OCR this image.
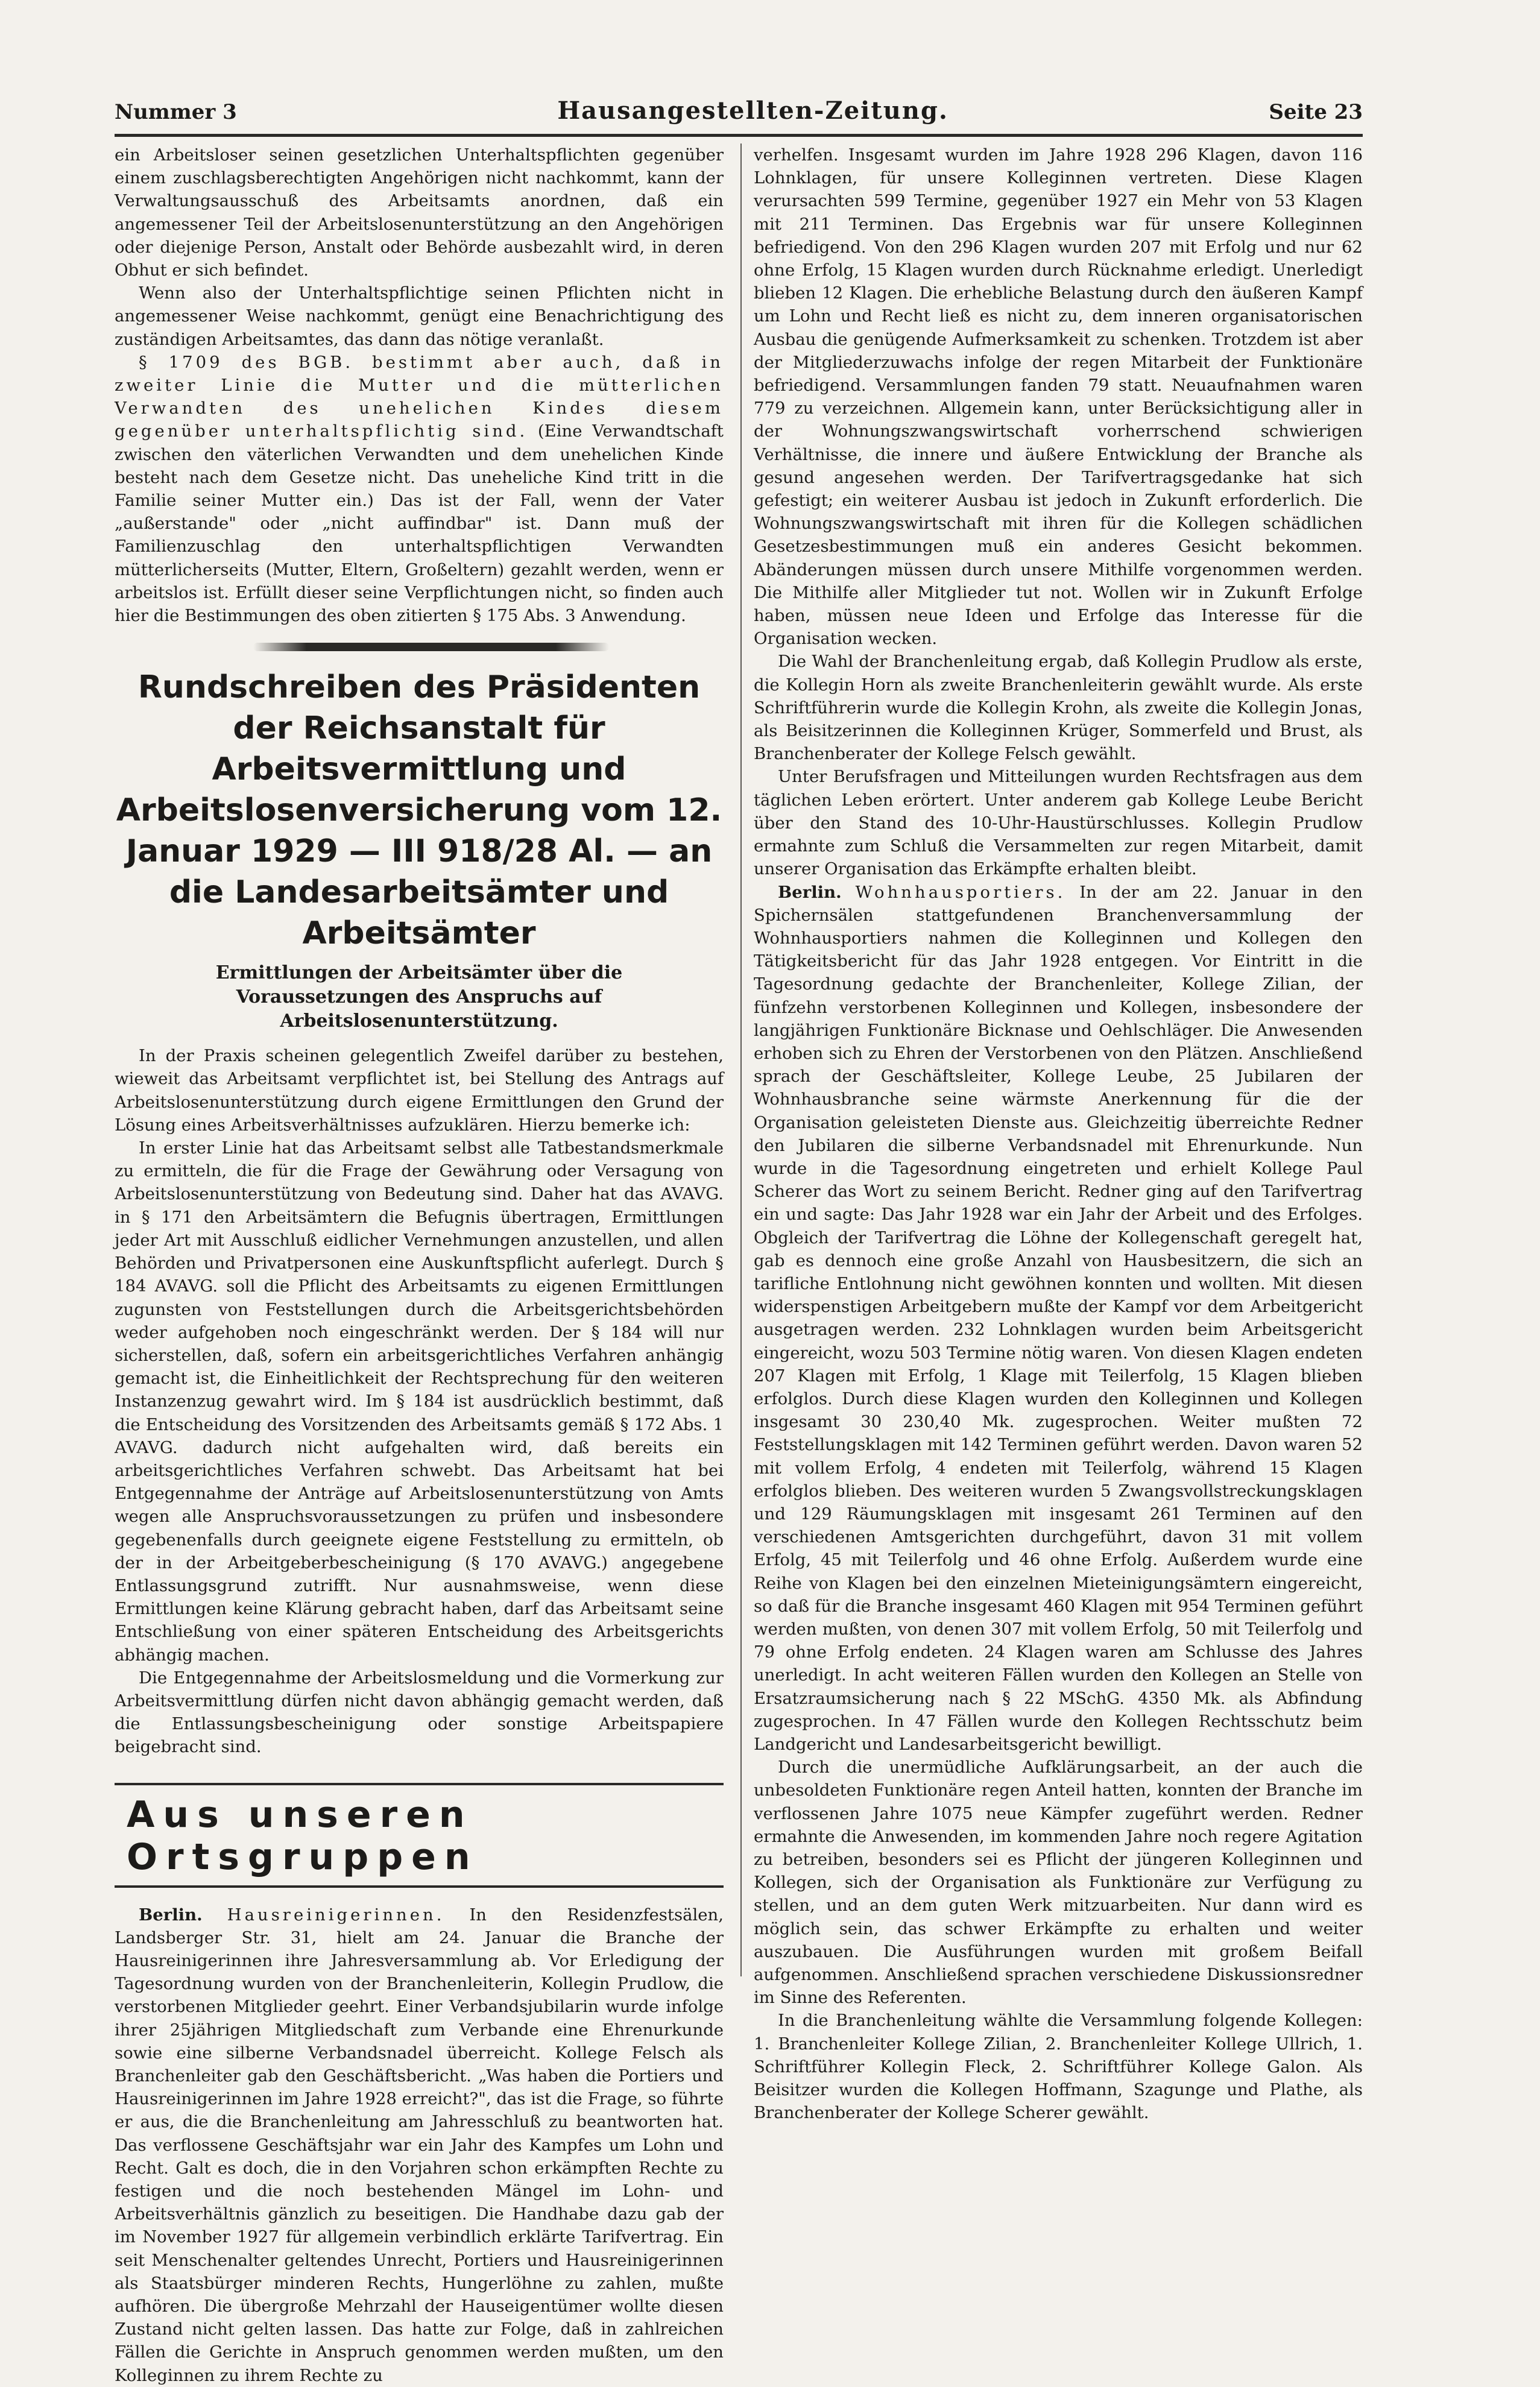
Nummer 3	Hausangestellten-Zeitung.	Seite 23

ein Arbeitsloser seinen gesetzlichen Unterhaltspflichten gegenüber einem zuschlagsberechtigten Angehörigen nicht nachkommt, kann der Verwaltungsausschuß des Arbeitsamts anordnen, daß ein angemessener Teil der Arbeitslosenunterstützung an den Angehörigen oder diejenige Person, Anstalt oder Behörde ausbezahlt wird, in deren Obhut er sich befindet.

Wenn also der Unterhaltspflichtige seinen Pflichten nicht in angemessener Weise nachkommt, genügt eine Benachrichtigung des zuständigen Arbeitsamtes, das dann das nötige veranlaßt.

§ 1709 des BGB. bestimmt aber auch, daß in zweiter Linie die Mutter und die mütterlichen Verwandten des unehelichen Kindes diesem gegenüber unterhaltspflichtig sind. (Eine Verwandtschaft zwischen den väterlichen Verwandten und dem unehelichen Kinde besteht nach dem Gesetze nicht. Das uneheliche Kind tritt in die Familie seiner Mutter ein.) Das ist der Fall, wenn der Vater „außerstande" oder „nicht auffindbar" ist. Dann muß der Familienzuschlag den unterhaltspflichtigen Verwandten mütterlicherseits (Mutter, Eltern, Großeltern) gezahlt werden, wenn er arbeitslos ist. Erfüllt dieser seine Verpflichtungen nicht, so finden auch hier die Bestimmungen des oben zitierten § 175 Abs. 3 Anwendung.

Rundschreiben des Präsidenten der Reichsanstalt für Arbeitsvermittlung und Arbeitslosenversicherung vom 12. Januar 1929 — III 918/28 Al. — an die Landesarbeitsämter und Arbeitsämter
Ermittlungen der Arbeitsämter über die Voraussetzungen des Anspruchs auf Arbeitslosenunterstützung.

In der Praxis scheinen gelegentlich Zweifel darüber zu bestehen, wieweit das Arbeitsamt verpflichtet ist, bei Stellung des Antrags auf Arbeitslosenunterstützung durch eigene Ermittlungen den Grund der Lösung eines Arbeitsverhältnisses aufzuklären. Hierzu bemerke ich:

In erster Linie hat das Arbeitsamt selbst alle Tatbestandsmerkmale zu ermitteln, die für die Frage der Gewährung oder Versagung von Arbeitslosenunterstützung von Bedeutung sind. Daher hat das AVAVG. in § 171 den Arbeitsämtern die Befugnis übertragen, Ermittlungen jeder Art mit Ausschluß eidlicher Vernehmungen anzustellen, und allen Behörden und Privatpersonen eine Auskunftspflicht auferlegt. Durch § 184 AVAVG. soll die Pflicht des Arbeitsamts zu eigenen Ermittlungen zugunsten von Feststellungen durch die Arbeitsgerichtsbehörden weder aufgehoben noch eingeschränkt werden. Der § 184 will nur sicherstellen, daß, sofern ein arbeitsgerichtliches Verfahren anhängig gemacht ist, die Einheitlichkeit der Rechtsprechung für den weiteren Instanzenzug gewahrt wird. Im § 184 ist ausdrücklich bestimmt, daß die Entscheidung des Vorsitzenden des Arbeitsamts gemäß § 172 Abs. 1 AVAVG. dadurch nicht aufgehalten wird, daß bereits ein arbeitsgerichtliches Verfahren schwebt. Das Arbeitsamt hat bei Entgegennahme der Anträge auf Arbeitslosenunterstützung von Amts wegen alle Anspruchsvoraussetzungen zu prüfen und insbesondere gegebenenfalls durch geeignete eigene Feststellung zu ermitteln, ob der in der Arbeitgeberbescheinigung (§ 170 AVAVG.) angegebene Entlassungsgrund zutrifft. Nur ausnahmsweise, wenn diese Ermittlungen keine Klärung gebracht haben, darf das Arbeitsamt seine Entschließung von einer späteren Entscheidung des Arbeitsgerichts abhängig machen.

Die Entgegennahme der Arbeitslosmeldung und die Vormerkung zur Arbeitsvermittlung dürfen nicht davon abhängig gemacht werden, daß die Entlassungsbescheinigung oder sonstige Arbeitspapiere beigebracht sind.

Aus unseren Ortsgruppen

Berlin. Hausreinigerinnen. In den Residenzfestsälen, Landsberger Str. 31, hielt am 24. Januar die Branche der Hausreinigerinnen ihre Jahresversammlung ab. Vor Erledigung der Tagesordnung wurden von der Branchenleiterin, Kollegin Prudlow, die verstorbenen Mitglieder geehrt. Einer Verbandsjubilarin wurde infolge ihrer 25jährigen Mitgliedschaft zum Verbande eine Ehrenurkunde sowie eine silberne Verbandsnadel überreicht. Kollege Felsch als Branchenleiter gab den Geschäftsbericht. „Was haben die Portiers und Hausreinigerinnen im Jahre 1928 erreicht?", das ist die Frage, so führte er aus, die die Branchenleitung am Jahresschluß zu beantworten hat. Das verflossene Geschäftsjahr war ein Jahr des Kampfes um Lohn und Recht. Galt es doch, die in den Vorjahren schon erkämpften Rechte zu festigen und die noch bestehenden Mängel im Lohn- und Arbeitsverhältnis gänzlich zu beseitigen. Die Handhabe dazu gab der im November 1927 für allgemein verbindlich erklärte Tarifvertrag. Ein seit Menschenalter geltendes Unrecht, Portiers und Hausreinigerinnen als Staatsbürger minderen Rechts, Hungerlöhne zu zahlen, mußte aufhören. Die übergroße Mehrzahl der Hauseigentümer wollte diesen Zustand nicht gelten lassen. Das hatte zur Folge, daß in zahlreichen Fällen die Gerichte in Anspruch genommen werden mußten, um den Kolleginnen zu ihrem Rechte zu

verhelfen. Insgesamt wurden im Jahre 1928 296 Klagen, davon 116 Lohnklagen, für unsere Kolleginnen vertreten. Diese Klagen verursachten 599 Termine, gegenüber 1927 ein Mehr von 53 Klagen mit 211 Terminen. Das Ergebnis war für unsere Kolleginnen befriedigend. Von den 296 Klagen wurden 207 mit Erfolg und nur 62 ohne Erfolg, 15 Klagen wurden durch Rücknahme erledigt. Unerledigt blieben 12 Klagen. Die erhebliche Belastung durch den äußeren Kampf um Lohn und Recht ließ es nicht zu, dem inneren organisatorischen Ausbau die genügende Aufmerksamkeit zu schenken. Trotzdem ist aber der Mitgliederzuwachs infolge der regen Mitarbeit der Funktionäre befriedigend. Versammlungen fanden 79 statt. Neuaufnahmen waren 779 zu verzeichnen. Allgemein kann, unter Berücksichtigung aller in der Wohnungszwangswirtschaft vorherrschend schwierigen Verhältnisse, die innere und äußere Entwicklung der Branche als gesund angesehen werden. Der Tarifvertragsgedanke hat sich gefestigt; ein weiterer Ausbau ist jedoch in Zukunft erforderlich. Die Wohnungszwangswirtschaft mit ihren für die Kollegen schädlichen Gesetzesbestimmungen muß ein anderes Gesicht bekommen. Abänderungen müssen durch unsere Mithilfe vorgenommen werden. Die Mithilfe aller Mitglieder tut not. Wollen wir in Zukunft Erfolge haben, müssen neue Ideen und Erfolge das Interesse für die Organisation wecken.

Die Wahl der Branchenleitung ergab, daß Kollegin Prudlow als erste, die Kollegin Horn als zweite Branchenleiterin gewählt wurde. Als erste Schriftführerin wurde die Kollegin Krohn, als zweite die Kollegin Jonas, als Beisitzerinnen die Kolleginnen Krüger, Sommerfeld und Brust, als Branchenberater der Kollege Felsch gewählt.

Unter Berufsfragen und Mitteilungen wurden Rechtsfragen aus dem täglichen Leben erörtert. Unter anderem gab Kollege Leube Bericht über den Stand des 10-Uhr-Haustürschlusses. Kollegin Prudlow ermahnte zum Schluß die Versammelten zur regen Mitarbeit, damit unserer Organisation das Erkämpfte erhalten bleibt.

Berlin. Wohnhausportiers. In der am 22. Januar in den Spichernsälen stattgefundenen Branchenversammlung der Wohnhausportiers nahmen die Kolleginnen und Kollegen den Tätigkeitsbericht für das Jahr 1928 entgegen. Vor Eintritt in die Tagesordnung gedachte der Branchenleiter, Kollege Zilian, der fünfzehn verstorbenen Kolleginnen und Kollegen, insbesondere der langjährigen Funktionäre Bicknase und Oehlschläger. Die Anwesenden erhoben sich zu Ehren der Verstorbenen von den Plätzen. Anschließend sprach der Geschäftsleiter, Kollege Leube, 25 Jubilaren der Wohnhausbranche seine wärmste Anerkennung für die der Organisation geleisteten Dienste aus. Gleichzeitig überreichte Redner den Jubilaren die silberne Verbandsnadel mit Ehrenurkunde. Nun wurde in die Tagesordnung eingetreten und erhielt Kollege Paul Scherer das Wort zu seinem Bericht. Redner ging auf den Tarifvertrag ein und sagte: Das Jahr 1928 war ein Jahr der Arbeit und des Erfolges. Obgleich der Tarifvertrag die Löhne der Kollegenschaft geregelt hat, gab es dennoch eine große Anzahl von Hausbesitzern, die sich an tarifliche Entlohnung nicht gewöhnen konnten und wollten. Mit diesen widerspenstigen Arbeitgebern mußte der Kampf vor dem Arbeitgericht ausgetragen werden. 232 Lohnklagen wurden beim Arbeitsgericht eingereicht, wozu 503 Termine nötig waren. Von diesen Klagen endeten 207 Klagen mit Erfolg, 1 Klage mit Teilerfolg, 15 Klagen blieben erfolglos. Durch diese Klagen wurden den Kolleginnen und Kollegen insgesamt 30 230,40 Mk. zugesprochen. Weiter mußten 72 Feststellungsklagen mit 142 Terminen geführt werden. Davon waren 52 mit vollem Erfolg, 4 endeten mit Teilerfolg, während 15 Klagen erfolglos blieben. Des weiteren wurden 5 Zwangsvollstreckungsklagen und 129 Räumungsklagen mit insgesamt 261 Terminen auf den verschiedenen Amtsgerichten durchgeführt, davon 31 mit vollem Erfolg, 45 mit Teilerfolg und 46 ohne Erfolg. Außerdem wurde eine Reihe von Klagen bei den einzelnen Mieteinigungsämtern eingereicht, so daß für die Branche insgesamt 460 Klagen mit 954 Terminen geführt werden mußten, von denen 307 mit vollem Erfolg, 50 mit Teilerfolg und 79 ohne Erfolg endeten. 24 Klagen waren am Schlusse des Jahres unerledigt. In acht weiteren Fällen wurden den Kollegen an Stelle von Ersatzraumsicherung nach § 22 MSchG. 4350 Mk. als Abfindung zugesprochen. In 47 Fällen wurde den Kollegen Rechtsschutz beim Landgericht und Landesarbeitsgericht bewilligt.

Durch die unermüdliche Aufklärungsarbeit, an der auch die unbesoldeten Funktionäre regen Anteil hatten, konnten der Branche im verflossenen Jahre 1075 neue Kämpfer zugeführt werden. Redner ermahnte die Anwesenden, im kommenden Jahre noch regere Agitation zu betreiben, besonders sei es Pflicht der jüngeren Kolleginnen und Kollegen, sich der Organisation als Funktionäre zur Verfügung zu stellen, und an dem guten Werk mitzuarbeiten. Nur dann wird es möglich sein, das schwer Erkämpfte zu erhalten und weiter auszubauen. Die Ausführungen wurden mit großem Beifall aufgenommen. Anschließend sprachen verschiedene Diskussionsredner im Sinne des Referenten.

In die Branchenleitung wählte die Versammlung folgende Kollegen: 1. Branchenleiter Kollege Zilian, 2. Branchenleiter Kollege Ullrich, 1. Schriftführer Kollegin Fleck, 2. Schriftführer Kollege Galon. Als Beisitzer wurden die Kollegen Hoffmann, Szagunge und Plathe, als Branchenberater der Kollege Scherer gewählt.
